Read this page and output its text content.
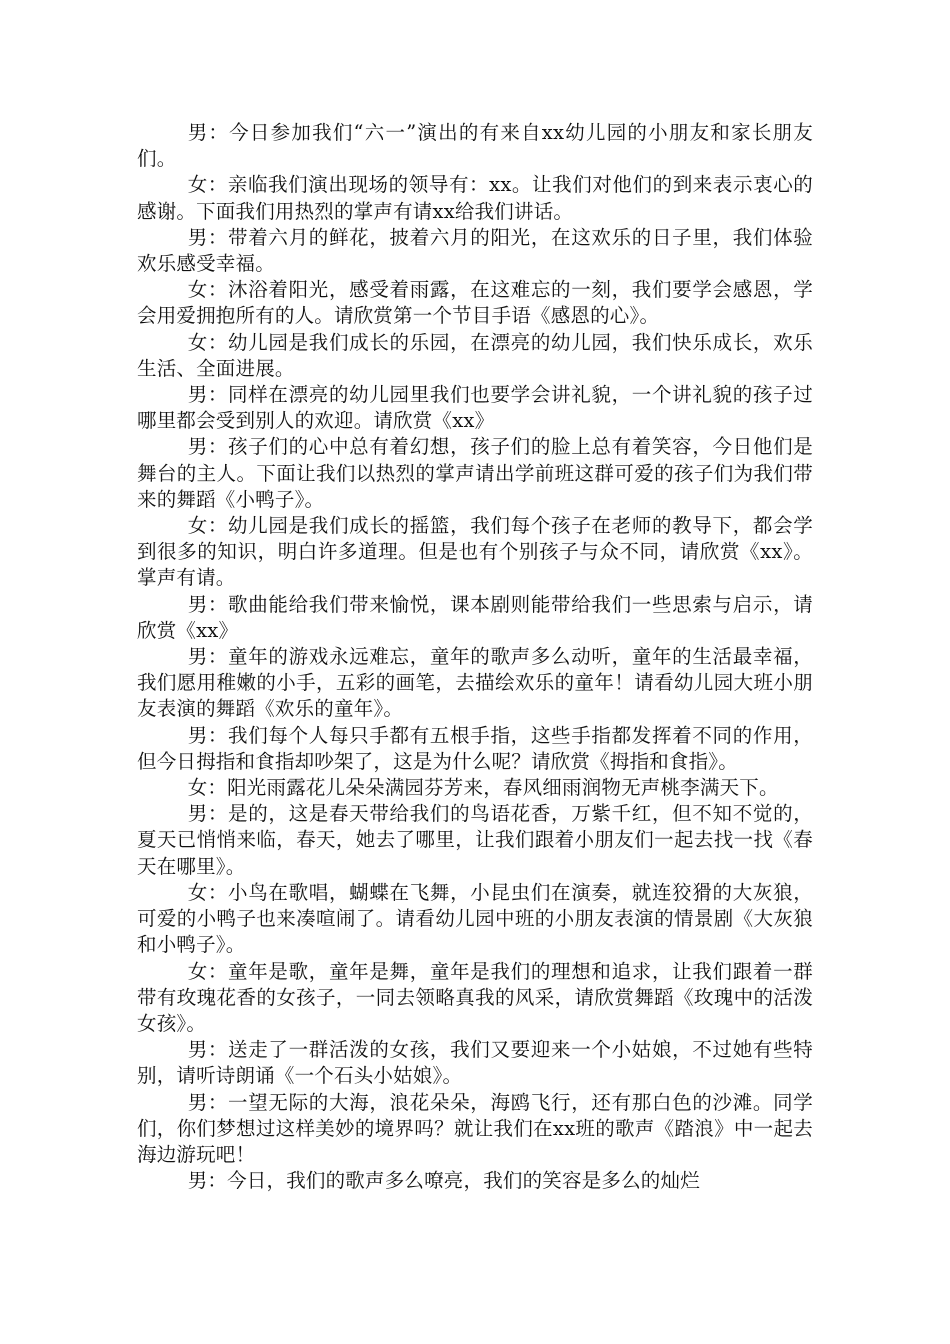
男：今日参加我们“六一”演出的有来自xx幼儿园的小朋友和家长朋友们。

女：亲临我们演出现场的领导有：xx。让我们对他们的到来表示衷心的感谢。下面我们用热烈的掌声有请xx给我们讲话。

男：带着六月的鲜花，披着六月的阳光，在这欢乐的日子里，我们体验欢乐感受幸福。

女：沐浴着阳光，感受着雨露，在这难忘的一刻，我们要学会感恩，学会用爱拥抱所有的人。请欣赏第一个节目手语《感恩的心》。

女：幼儿园是我们成长的乐园，在漂亮的幼儿园，我们快乐成长，欢乐生活、全面进展。

男：同样在漂亮的幼儿园里我们也要学会讲礼貌，一个讲礼貌的孩子过哪里都会受到别人的欢迎。请欣赏《xx》

男：孩子们的心中总有着幻想，孩子们的脸上总有着笑容，今日他们是舞台的主人。下面让我们以热烈的掌声请出学前班这群可爱的孩子们为我们带来的舞蹈《小鸭子》。

女：幼儿园是我们成长的摇篮，我们每个孩子在老师的教导下，都会学到很多的知识，明白许多道理。但是也有个别孩子与众不同，请欣赏《xx》。掌声有请。

男：歌曲能给我们带来愉悦，课本剧则能带给我们一些思索与启示，请欣赏《xx》

男：童年的游戏永远难忘，童年的歌声多么动听，童年的生活最幸福，我们愿用稚嫩的小手，五彩的画笔，去描绘欢乐的童年！请看幼儿园大班小朋友表演的舞蹈《欢乐的童年》。

男：我们每个人每只手都有五根手指，这些手指都发挥着不同的作用，但今日拇指和食指却吵架了，这是为什么呢？请欣赏《拇指和食指》。

女：阳光雨露花儿朵朵满园芬芳来，春风细雨润物无声桃李满天下。

男：是的，这是春天带给我们的鸟语花香，万紫千红，但不知不觉的，夏天已悄悄来临，春天，她去了哪里，让我们跟着小朋友们一起去找一找《春天在哪里》。

女：小鸟在歌唱，蝴蝶在飞舞，小昆虫们在演奏，就连狡猾的大灰狼，可爱的小鸭子也来凑喧闹了。请看幼儿园中班的小朋友表演的情景剧《大灰狼和小鸭子》。

女：童年是歌，童年是舞，童年是我们的理想和追求，让我们跟着一群带有玫瑰花香的女孩子，一同去领略真我的风采，请欣赏舞蹈《玫瑰中的活泼女孩》。

男：送走了一群活泼的女孩，我们又要迎来一个小姑娘，不过她有些特别，请听诗朗诵《一个石头小姑娘》。

男：一望无际的大海，浪花朵朵，海鸥飞行，还有那白色的沙滩。同学们，你们梦想过这样美妙的境界吗？就让我们在xx班的歌声《踏浪》中一起去海边游玩吧！

男：今日，我们的歌声多么嘹亮，我们的笑容是多么的灿烂
